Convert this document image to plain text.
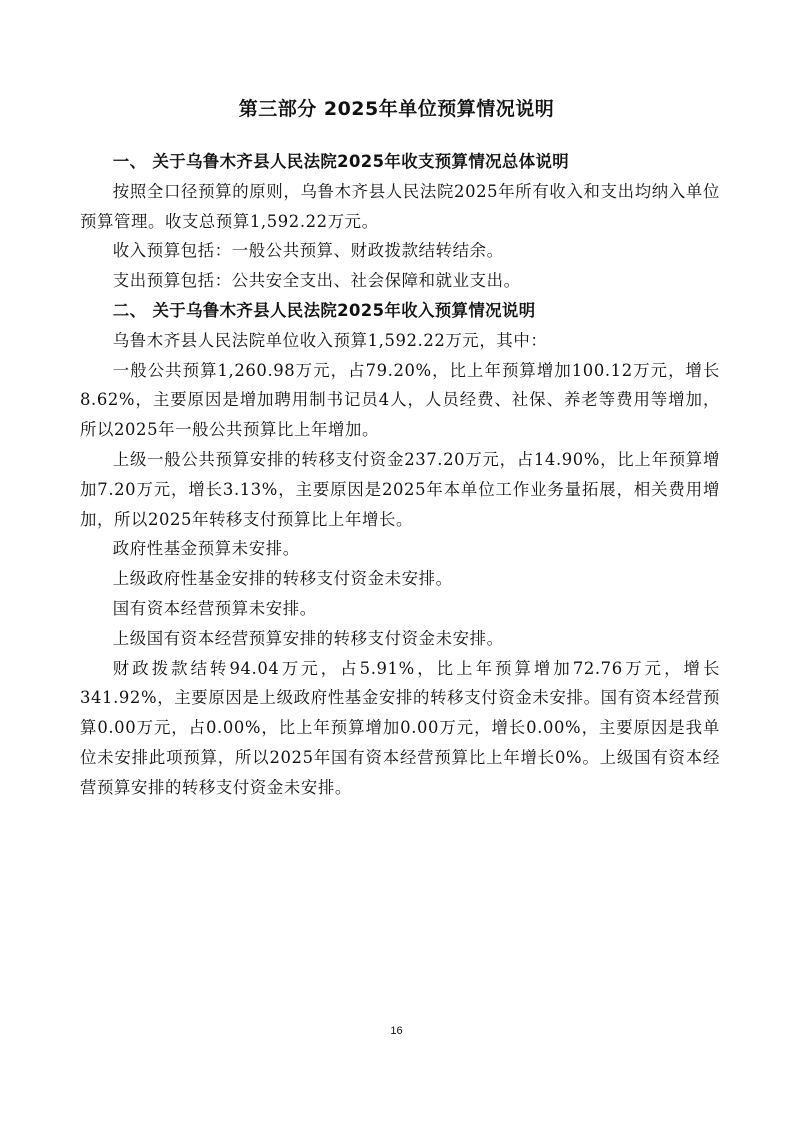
第三部分 2025年单位预算情况说明
一、 关于乌鲁木齐县人民法院2025年收支预算情况总体说明

按照全口径预算的原则，乌鲁木齐县人民法院2025年所有收入和支出均纳入单位预算管理。收支总预算1,592.22万元。

收入预算包括：一般公共预算、财政拨款结转结余。

支出预算包括：公共安全支出、社会保障和就业支出。

二、 关于乌鲁木齐县人民法院2025年收入预算情况说明

乌鲁木齐县人民法院单位收入预算1,592.22万元，其中：

一般公共预算1,260.98万元，占79.20%，比上年预算增加100.12万元，增长8.62%，主要原因是增加聘用制书记员4人，人员经费、社保、养老等费用等增加，所以2025年一般公共预算比上年增加。

上级一般公共预算安排的转移支付资金237.20万元，占14.90%，比上年预算增加7.20万元，增长3.13%，主要原因是2025年本单位工作业务量拓展，相关费用增加，所以2025年转移支付预算比上年增长。

政府性基金预算未安排。

上级政府性基金安排的转移支付资金未安排。

国有资本经营预算未安排。

上级国有资本经营预算安排的转移支付资金未安排。

财政拨款结转94.04万元，占5.91%，比上年预算增加72.76万元，增长341.92%，主要原因是上级政府性基金安排的转移支付资金未安排。国有资本经营预算0.00万元，占0.00%，比上年预算增加0.00万元，增长0.00%，主要原因是我单位未安排此项预算，所以2025年国有资本经营预算比上年增长0%。上级国有资本经营预算安排的转移支付资金未安排。

16
